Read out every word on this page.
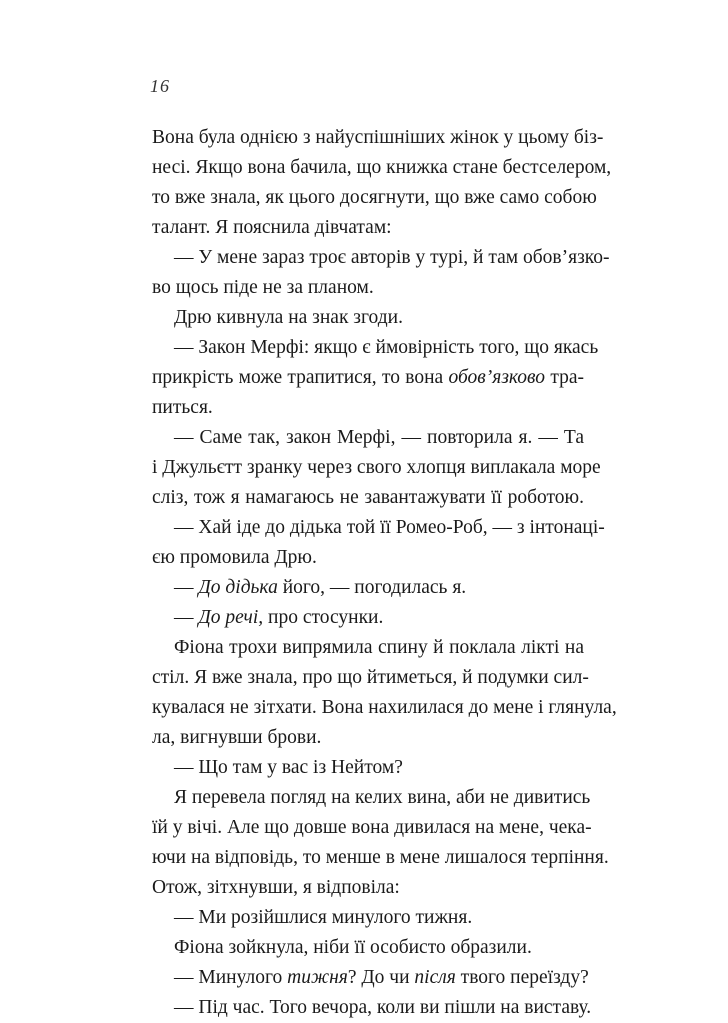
16
Вона була однією з найуспішніших жінок у цьому біз-
несі. Якщо вона бачила, що книжка стане бестселером,
то вже знала, як цього досягнути, що вже само собою
талант. Я пояснила дівчатам:
— У мене зараз троє авторів у турі, й там обов’язко-
во щось піде не за планом.
Дрю кивнула на знак згоди.
— Закон Мерфі: якщо є ймовірність того, що якась
прикрість може трапитися, то вона обов’язково тра-
питься.
— Саме так, закон Мерфі, — повторила я. — Та
і Джульєтт зранку через свого хлопця виплакала море
сліз, тож я намагаюсь не завантажувати її роботою.
— Хай іде до дідька той її Ромео-Роб, — з інтонаці-
єю промовила Дрю.
— До дідька його, — погодилась я.
— До речі, про стосунки.
Фіона трохи випрямила спину й поклала лікті на
стіл. Я вже знала, про що йтиметься, й подумки сил-
кувалася не зітхати. Вона нахилилася до мене і глянула,
ла, вигнувши брови.
— Що там у вас із Нейтом?
Я перевела погляд на келих вина, аби не дивитись
їй у вічі. Але що довше вона дивилася на мене, чека-
ючи на відповідь, то менше в мене лишалося терпіння.
Отож, зітхнувши, я відповіла:
— Ми розійшлися минулого тижня.
Фіона зойкнула, ніби її особисто образили.
— Минулого тижня? До чи після твого переїзду?
— Під час. Того вечора, коли ви пішли на виставу.
